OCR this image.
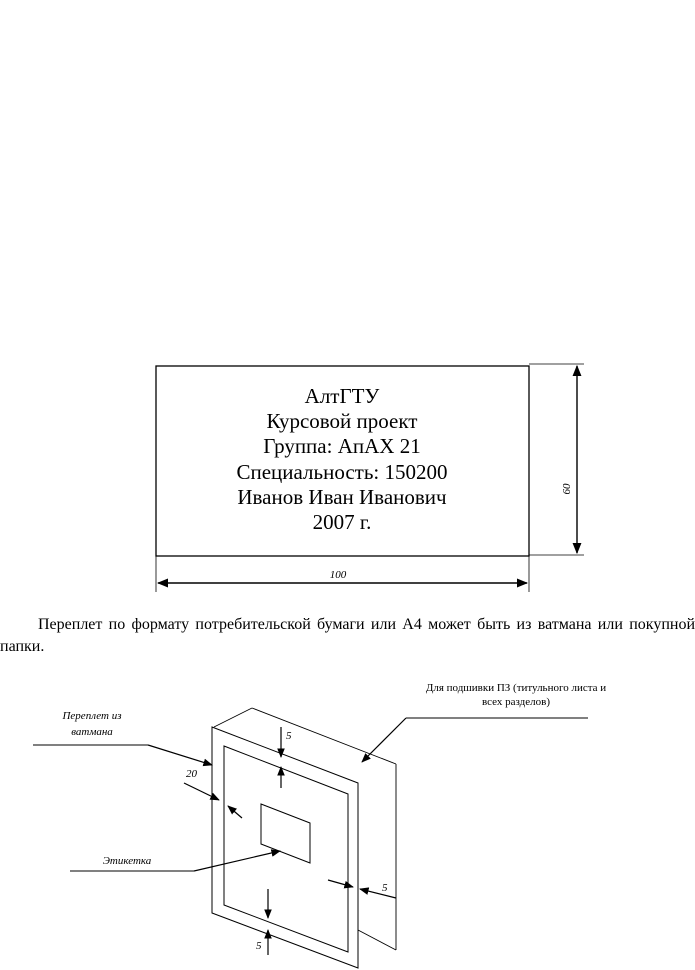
АлтГТУ
Курсовой проект
Группа: АпАХ 21
Специальность: 150200
Иванов Иван Иванович
2007 г.
100
60
5
20
5
5
Для подшивки ПЗ (титульного листа и
всех разделов)
Переплет из
ватмана
Этикетка

Переплет по формату потребительской бумаги или А4 может быть из ватмана или покупной папки.
